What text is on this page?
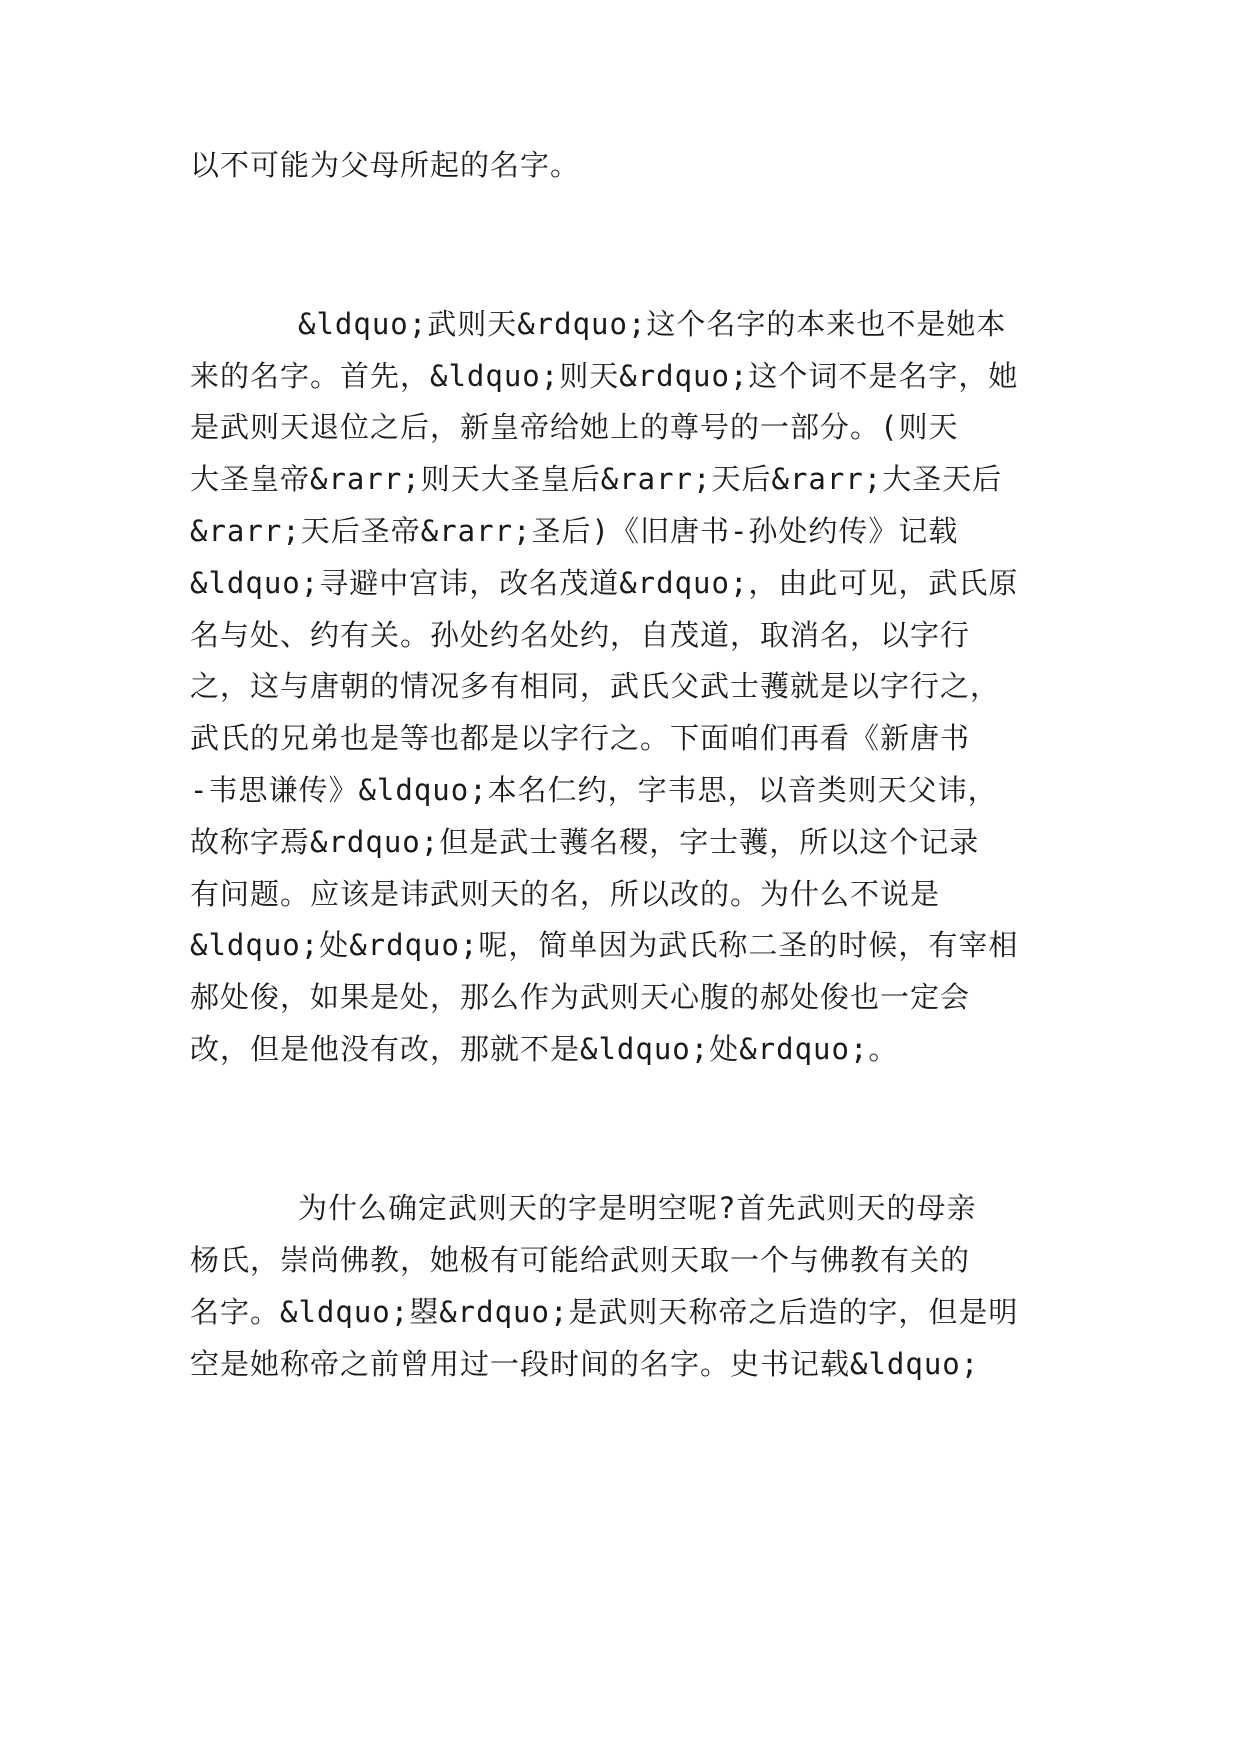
以不可能为父母所起的名字。
&ldquo;武则天&rdquo;这个名字的本来也不是她本
来的名字。首先，&ldquo;则天&rdquo;这个词不是名字，她
是武则天退位之后，新皇帝给她上的尊号的一部分。(则天
大圣皇帝&rarr;则天大圣皇后&rarr;天后&rarr;大圣天后
&rarr;天后圣帝&rarr;圣后)《旧唐书-孙处约传》记载
&ldquo;寻避中宫讳，改名茂道&rdquo;，由此可见，武氏原
名与处、约有关。孙处约名处约，自茂道，取消名，以字行
之，这与唐朝的情况多有相同，武氏父武士彟就是以字行之，
武氏的兄弟也是等也都是以字行之。下面咱们再看《新唐书
-韦思谦传》&ldquo;本名仁约，字韦思，以音类则天父讳，
故称字焉&rdquo;但是武士彟名稷，字士彟，所以这个记录
有问题。应该是讳武则天的名，所以改的。为什么不说是
&ldquo;处&rdquo;呢，简单因为武氏称二圣的时候，有宰相
郝处俊，如果是处，那么作为武则天心腹的郝处俊也一定会
改，但是他没有改，那就不是&ldquo;处&rdquo;。
为什么确定武则天的字是明空呢?首先武则天的母亲
杨氏，崇尚佛教，她极有可能给武则天取一个与佛教有关的
名字。&ldquo;曌&rdquo;是武则天称帝之后造的字，但是明
空是她称帝之前曾用过一段时间的名字。史书记载&ldquo;
